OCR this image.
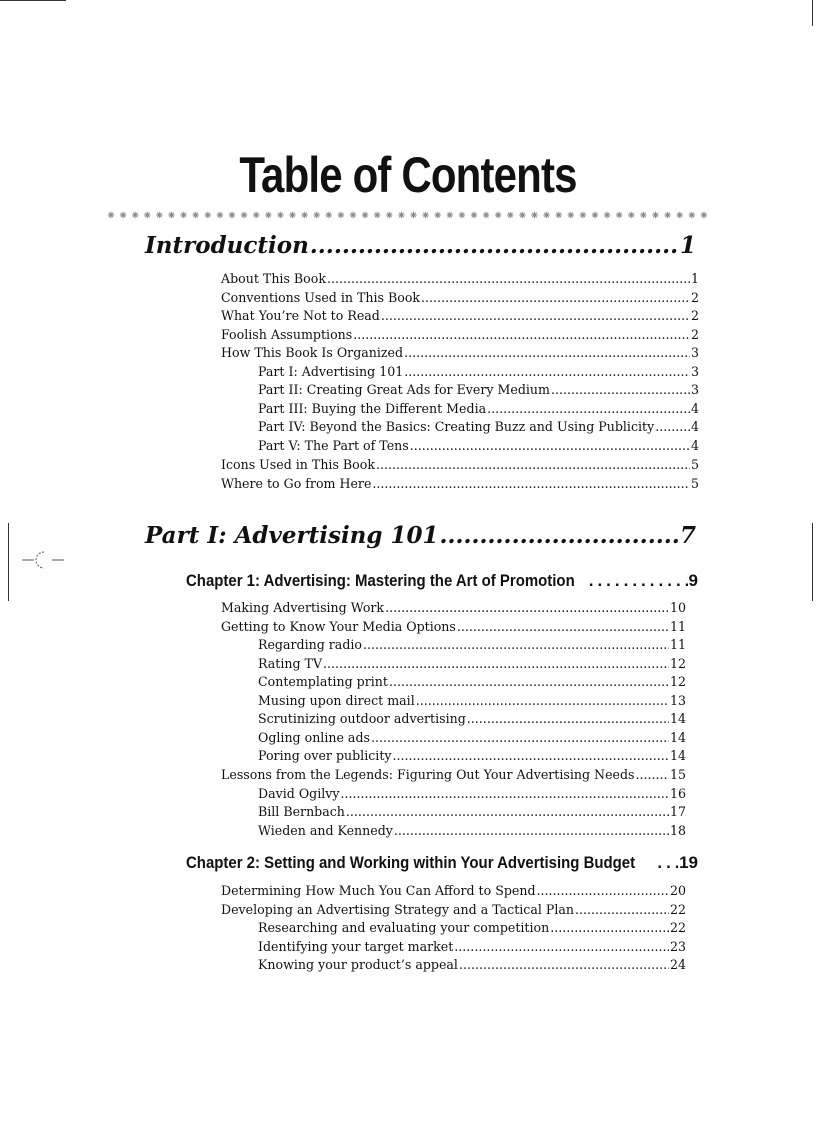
Table of Contents
Introduction .....	1
About This Book .....	1
Conventions Used in This Book .....	2
What You’re Not to Read .....	2
Foolish Assumptions .....	2
How This Book Is Organized .....	3
Part I: Advertising 101 .....	3
Part II: Creating Great Ads for Every Medium .....	3
Part III: Buying the Different Media .....	4
Part IV: Beyond the Basics: Creating Buzz and Using Publicity .....	4
Part V: The Part of Tens .....	4
Icons Used in This Book .....	5
Where to Go from Here .....	5
Part I: Advertising 101 .....	7
Chapter 1: Advertising: Mastering the Art of Promotion .....	9
Making Advertising Work .....	10
Getting to Know Your Media Options .....	11
Regarding radio .....	11
Rating TV .....	12
Contemplating print .....	12
Musing upon direct mail .....	13
Scrutinizing outdoor advertising .....	14
Ogling online ads .....	14
Poring over publicity .....	14
Lessons from the Legends: Figuring Out Your Advertising Needs .....	15
David Ogilvy .....	16
Bill Bernbach .....	17
Wieden and Kennedy .....	18
Chapter 2: Setting and Working within Your Advertising Budget .....	19
Determining How Much You Can Afford to Spend .....	20
Developing an Advertising Strategy and a Tactical Plan .....	22
Researching and evaluating your competition .....	22
Identifying your target market .....	23
Knowing your product’s appeal .....	24
